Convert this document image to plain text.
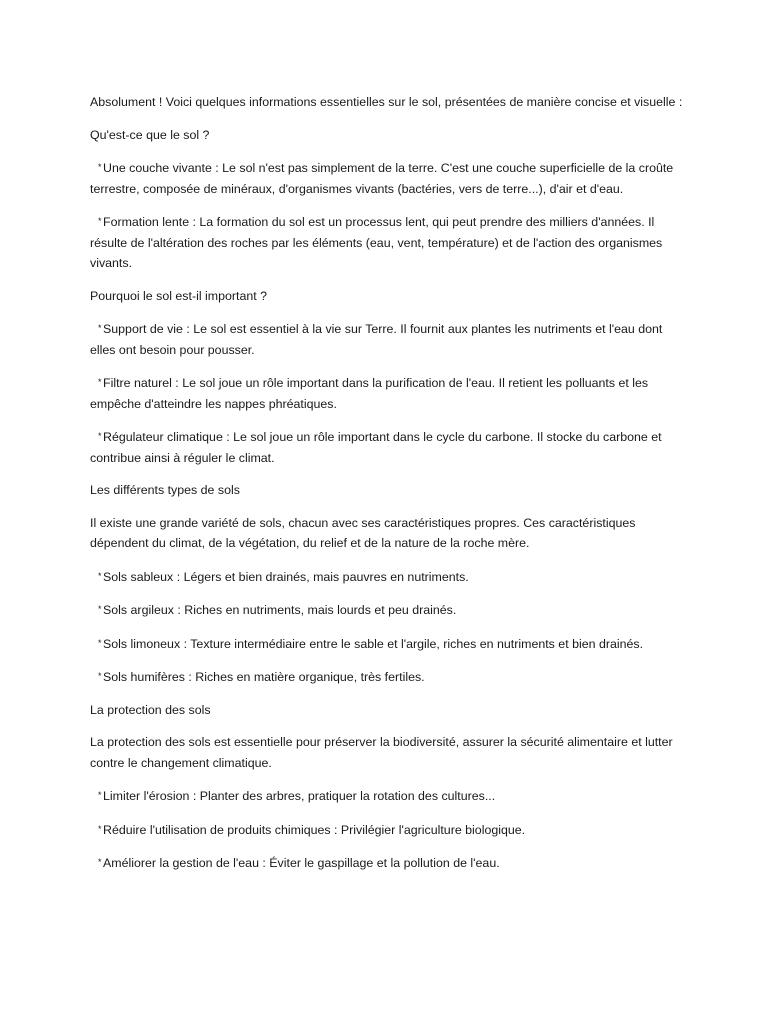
Absolument ! Voici quelques informations essentielles sur le sol, présentées de manière concise et visuelle :

Qu'est-ce que le sol ?

*Une couche vivante : Le sol n'est pas simplement de la terre. C'est une couche superficielle de la croûte terrestre, composée de minéraux, d'organismes vivants (bactéries, vers de terre...), d'air et d'eau.

*Formation lente : La formation du sol est un processus lent, qui peut prendre des milliers d'années. Il résulte de l'altération des roches par les éléments (eau, vent, température) et de l'action des organismes vivants.

Pourquoi le sol est-il important ?

*Support de vie : Le sol est essentiel à la vie sur Terre. Il fournit aux plantes les nutriments et l'eau dont elles ont besoin pour pousser.

*Filtre naturel : Le sol joue un rôle important dans la purification de l'eau. Il retient les polluants et les empêche d'atteindre les nappes phréatiques.

*Régulateur climatique : Le sol joue un rôle important dans le cycle du carbone. Il stocke du carbone et contribue ainsi à réguler le climat.

Les différents types de sols

Il existe une grande variété de sols, chacun avec ses caractéristiques propres. Ces caractéristiques dépendent du climat, de la végétation, du relief et de la nature de la roche mère.

*Sols sableux : Légers et bien drainés, mais pauvres en nutriments.

*Sols argileux : Riches en nutriments, mais lourds et peu drainés.

*Sols limoneux : Texture intermédiaire entre le sable et l'argile, riches en nutriments et bien drainés.

*Sols humifères : Riches en matière organique, très fertiles.

La protection des sols

La protection des sols est essentielle pour préserver la biodiversité, assurer la sécurité alimentaire et lutter contre le changement climatique.

*Limiter l'érosion : Planter des arbres, pratiquer la rotation des cultures...

*Réduire l'utilisation de produits chimiques : Privilégier l'agriculture biologique.

*Améliorer la gestion de l'eau : Éviter le gaspillage et la pollution de l'eau.
